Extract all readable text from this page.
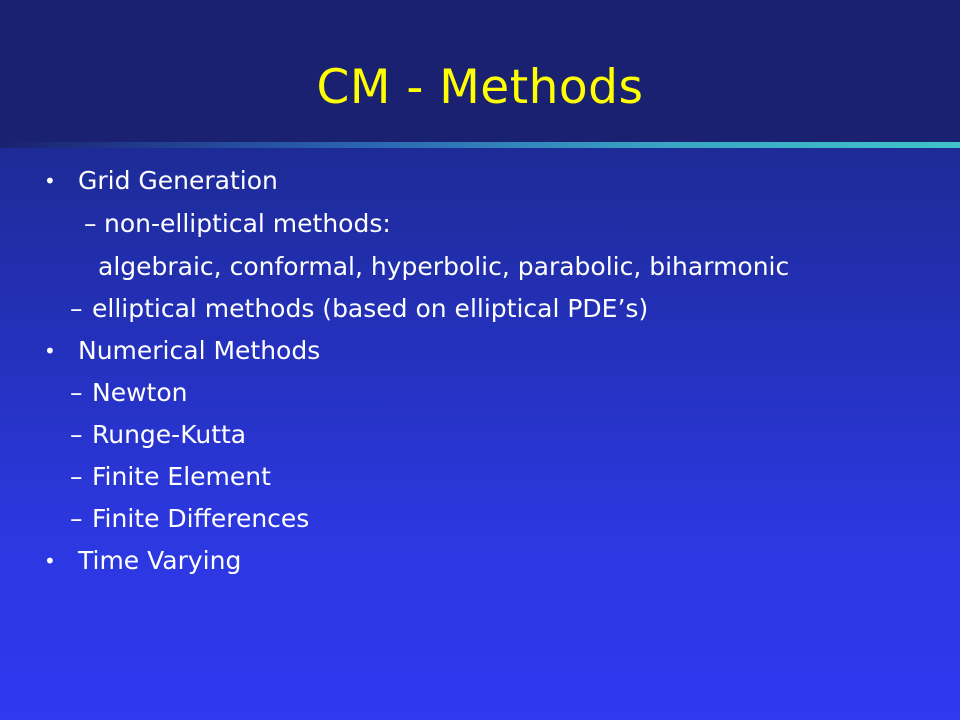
CM - Methods
• Grid Generation
– non-elliptical methods:
algebraic, conformal, hyperbolic, parabolic, biharmonic
– elliptical methods (based on elliptical PDE’s)
• Numerical Methods
– Newton
– Runge-Kutta
– Finite Element
– Finite Differences
• Time Varying
